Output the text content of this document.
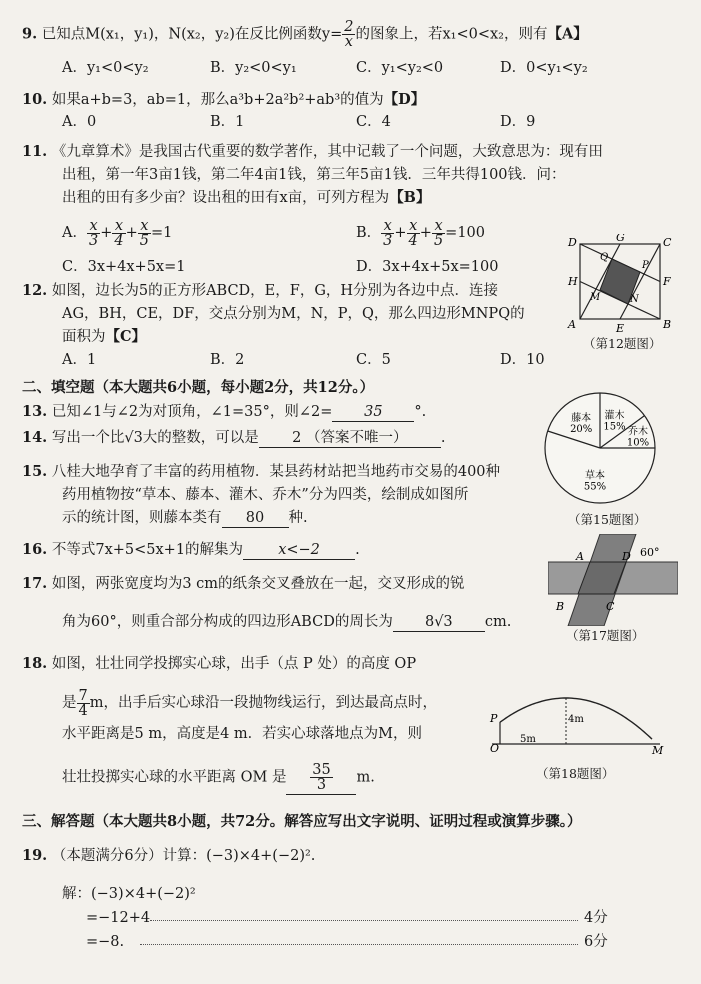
9. 已知点M(x₁，y₁)，N(x₂，y₂)在反比例函数$y= \frac{2}{x}$ 的图象上，若x₁<0<x₂，则有【A】
A．y₁<0<y₂	B．y₂<0<y₁	C．y₁<y₂<0	D．0<y₁<y₂
10. 如果a+b=3，ab=1，那么a³b+2a²b²+ab³的值为【D】
A．0	B．1	C．4	D．9
11. 《九章算术》是我国古代重要的数学著作，其中记载了一个问题，大致意思为：现有田
出租，第一年3亩1钱，第二年4亩1钱，第三年5亩1钱．三年共得100钱．问：
出租的田有多少亩？设出租的田有x亩，可列方程为【B】
A． $\frac{x}{3} + \frac{x}{4} + \frac{x}{5} =1$	B． $\frac{x}{3} + \frac{x}{4} + \frac{x}{5} =100$
C．3x+4x+5x=1	D．3x+4x+5x=100
D	G	C
Q
P
H	F
M	N
A	E	B
（第12题图）
12. 如图，边长为5的正方形ABCD，E，F，G，H分别为各边中点．连接
AG，BH，CE，DF，交点分别为M，N，P，Q，那么四边形MNPQ的
面积为【C】
A．1	B．2	C．5	D．10
二、填空题（本大题共6小题，每小题2分，共12分。）
13. 已知∠1与∠2为对顶角，∠1=35°，则∠2= 35 °.
14. 写出一个比√3大的整数，可以是 2 （答案不唯一） .
藤本
20%
灌木
15% 乔木
10%
草本
55%
（第15题图）
15. 八桂大地孕育了丰富的药用植物．某县药材站把当地药市交易的400种
药用植物按“草本、藤本、灌木、乔木”分为四类，绘制成如图所
示的统计图，则藤本类有 80 种.
16. 不等式7x+5<5x+1的解集为 x<−2 .	A	D 60°
B	C
（第17题图）
17. 如图，两张宽度均为3 cm的纸条交叉叠放在一起，交叉形成的锐
角为60°，则重合部分构成的四边形ABCD的周长为 8√3 cm.
P	4m
O
5m
M
（第18题图）
18. 如图，壮壮同学投掷实心球，出手（点 P 处）的高度 OP
是 $\frac{7}{4}$ m，出手后实心球沿一段抛物线运行，到达最高点时，
水平距离是5 m，高度是4 m．若实心球落地点为M，则
壮壮投掷实心球的水平距离 OM 是 $\frac{35}{3} m$.
三、解答题（本大题共8小题，共72分。解答应写出文字说明、证明过程或演算步骤。）
19. （本题满分6分）计算：(−3)×4+(−2)².
解：(−3)×4+(−2)²
=−12+4	4分
=−8.	6分
